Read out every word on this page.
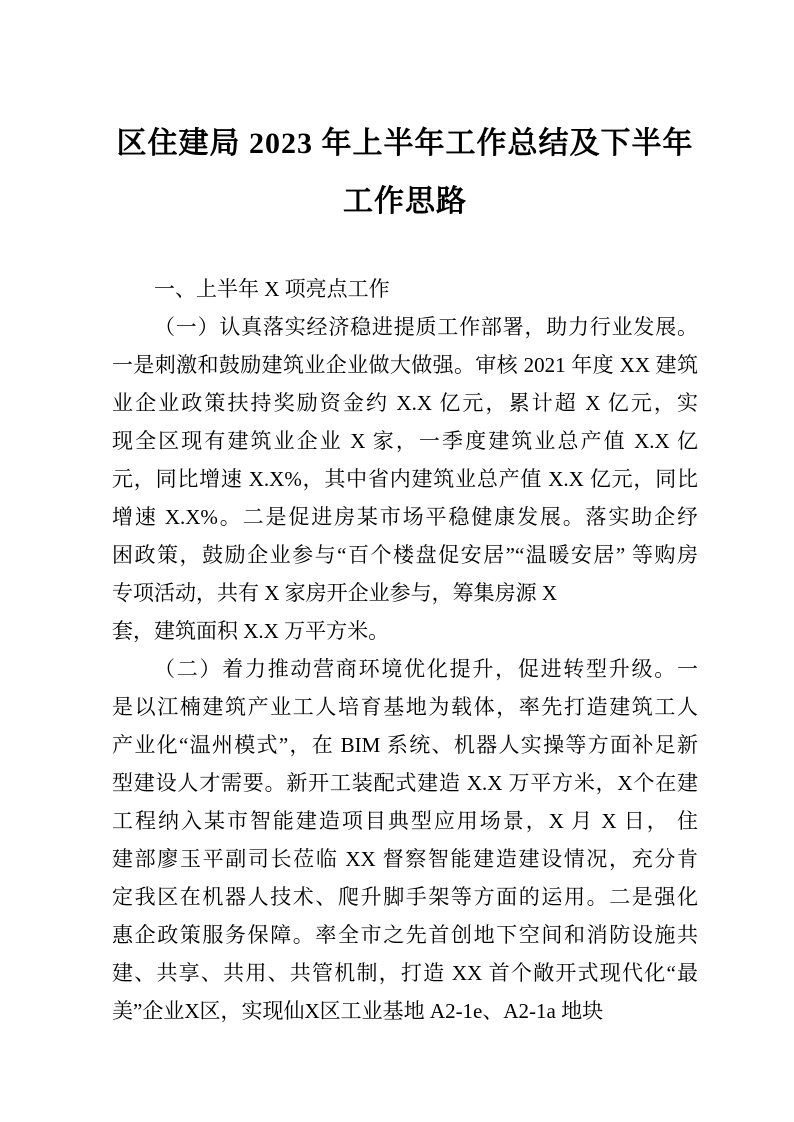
区住建局 2023 年上半年工作总结及下半年
工作思路

一、上半年 X 项亮点工作

（一）认真落实经济稳进提质工作部署，助力行业发展。

一是刺激和鼓励建筑业企业做大做强。审核 2021 年度 XX 建筑

业企业政策扶持奖励资金约 X.X 亿元，累计超 X 亿元，实

现全区现有建筑业企业 X 家，一季度建筑业总产值 X.X 亿

元，同比增速 X.X%，其中省内建筑业总产值 X.X 亿元，同比

增速 X.X%。二是促进房某市场平稳健康发展。落实助企纾

困政策，鼓励企业参与“百个楼盘促安居”“温暖安居” 等购房

专项活动，共有 X 家房开企业参与，筹集房源 X

套，建筑面积 X.X 万平方米。

（二）着力推动营商环境优化提升，促进转型升级。一

是以江楠建筑产业工人培育基地为载体，率先打造建筑工人

产业化“温州模式”，在 BIM 系统、机器人实操等方面补足新

型建设人才需要。新开工装配式建造 X.X 万平方米，X个在建

工程纳入某市智能建造项目典型应用场景，X 月 X 日， 住

建部廖玉平副司长莅临 XX 督察智能建造建设情况，充分肯

定我区在机器人技术、爬升脚手架等方面的运用。二是强化

惠企政策服务保障。率全市之先首创地下空间和消防设施共

建、共享、共用、共管机制，打造 XX 首个敞开式现代化“最

美”企业X区，实现仙X区工业基地 A2-1e、A2-1a 地块
